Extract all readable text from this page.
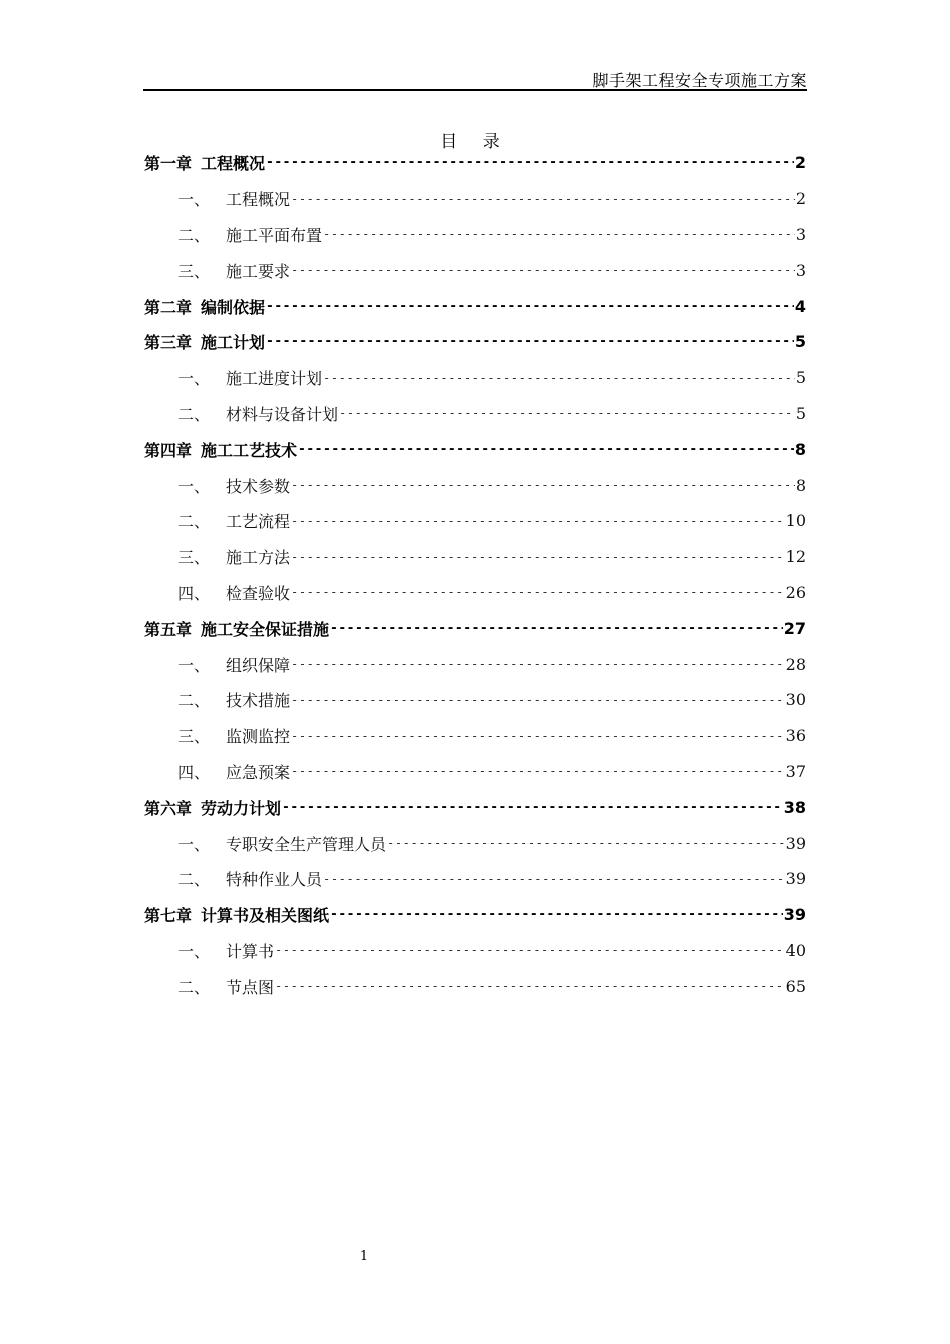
脚手架工程安全专项施工方案
目 录
第一章 工程概况 -----	2
一、 工程概况 -----	2
二、 施工平面布置 -----	3
三、 施工要求 -----	3
第二章 编制依据 -----	4
第三章 施工计划 -----	5
一、 施工进度计划 -----	5
二、 材料与设备计划 -----	5
第四章 施工工艺技术 -----	8
一、 技术参数 -----	8
二、 工艺流程 -----	10
三、 施工方法 -----	12
四、 检查验收 -----	26
第五章 施工安全保证措施 -----	27
一、 组织保障 -----	28
二、 技术措施 -----	30
三、 监测监控 -----	36
四、 应急预案 -----	37
第六章 劳动力计划 -----	38
一、 专职安全生产管理人员 -----	39
二、 特种作业人员 -----	39
第七章 计算书及相关图纸 -----	39
一、 计算书 -----	40
二、 节点图 -----	65
1
